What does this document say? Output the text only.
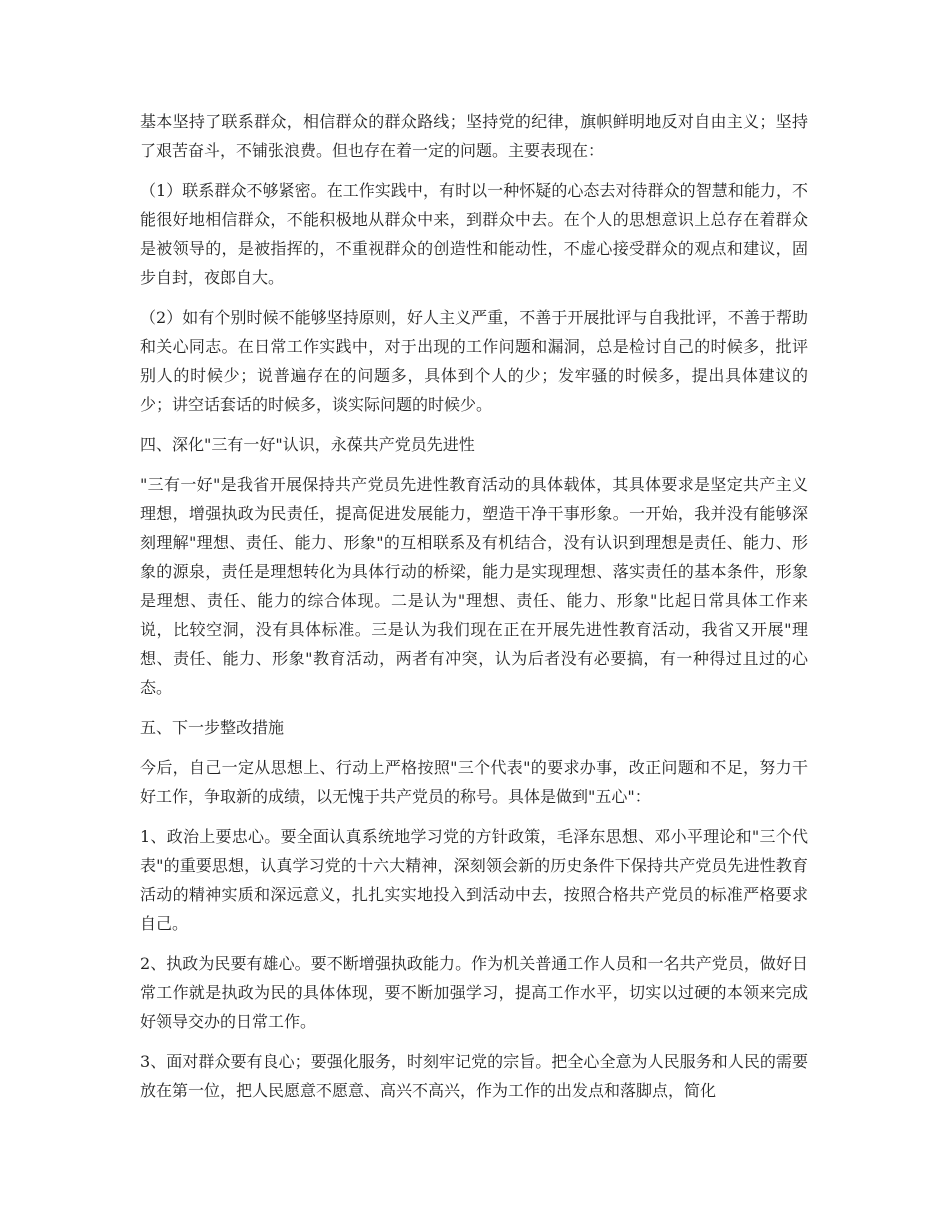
基本坚持了联系群众，相信群众的群众路线；坚持党的纪律，旗帜鲜明地反对自由主义；坚持了艰苦奋斗，不铺张浪费。但也存在着一定的问题。主要表现在：

（1）联系群众不够紧密。在工作实践中，有时以一种怀疑的心态去对待群众的智慧和能力，不能很好地相信群众，不能积极地从群众中来，到群众中去。在个人的思想意识上总存在着群众是被领导的，是被指挥的，不重视群众的创造性和能动性，不虚心接受群众的观点和建议，固步自封，夜郎自大。

（2）如有个别时候不能够坚持原则，好人主义严重，不善于开展批评与自我批评，不善于帮助和关心同志。在日常工作实践中，对于出现的工作问题和漏洞，总是检讨自己的时候多，批评别人的时候少；说普遍存在的问题多，具体到个人的少；发牢骚的时候多，提出具体建议的少；讲空话套话的时候多，谈实际问题的时候少。

四、深化"三有一好"认识，永葆共产党员先进性

"三有一好"是我省开展保持共产党员先进性教育活动的具体载体，其具体要求是坚定共产主义理想，增强执政为民责任，提高促进发展能力，塑造干净干事形象。一开始，我并没有能够深刻理解"理想、责任、能力、形象"的互相联系及有机结合，没有认识到理想是责任、能力、形象的源泉，责任是理想转化为具体行动的桥梁，能力是实现理想、落实责任的基本条件，形象是理想、责任、能力的综合体现。二是认为"理想、责任、能力、形象"比起日常具体工作来说，比较空洞，没有具体标准。三是认为我们现在正在开展先进性教育活动，我省又开展"理想、责任、能力、形象"教育活动，两者有冲突，认为后者没有必要搞，有一种得过且过的心态。

五、下一步整改措施

今后，自己一定从思想上、行动上严格按照"三个代表"的要求办事，改正问题和不足，努力干好工作，争取新的成绩，以无愧于共产党员的称号。具体是做到"五心"：

1、政治上要忠心。要全面认真系统地学习党的方针政策，毛泽东思想、邓小平理论和"三个代表"的重要思想，认真学习党的十六大精神，深刻领会新的历史条件下保持共产党员先进性教育活动的精神实质和深远意义，扎扎实实地投入到活动中去，按照合格共产党员的标准严格要求自己。

2、执政为民要有雄心。要不断增强执政能力。作为机关普通工作人员和一名共产党员，做好日常工作就是执政为民的具体体现，要不断加强学习，提高工作水平，切实以过硬的本领来完成好领导交办的日常工作。

3、面对群众要有良心；要强化服务，时刻牢记党的宗旨。把全心全意为人民服务和人民的需要放在第一位，把人民愿意不愿意、高兴不高兴，作为工作的出发点和落脚点，简化
